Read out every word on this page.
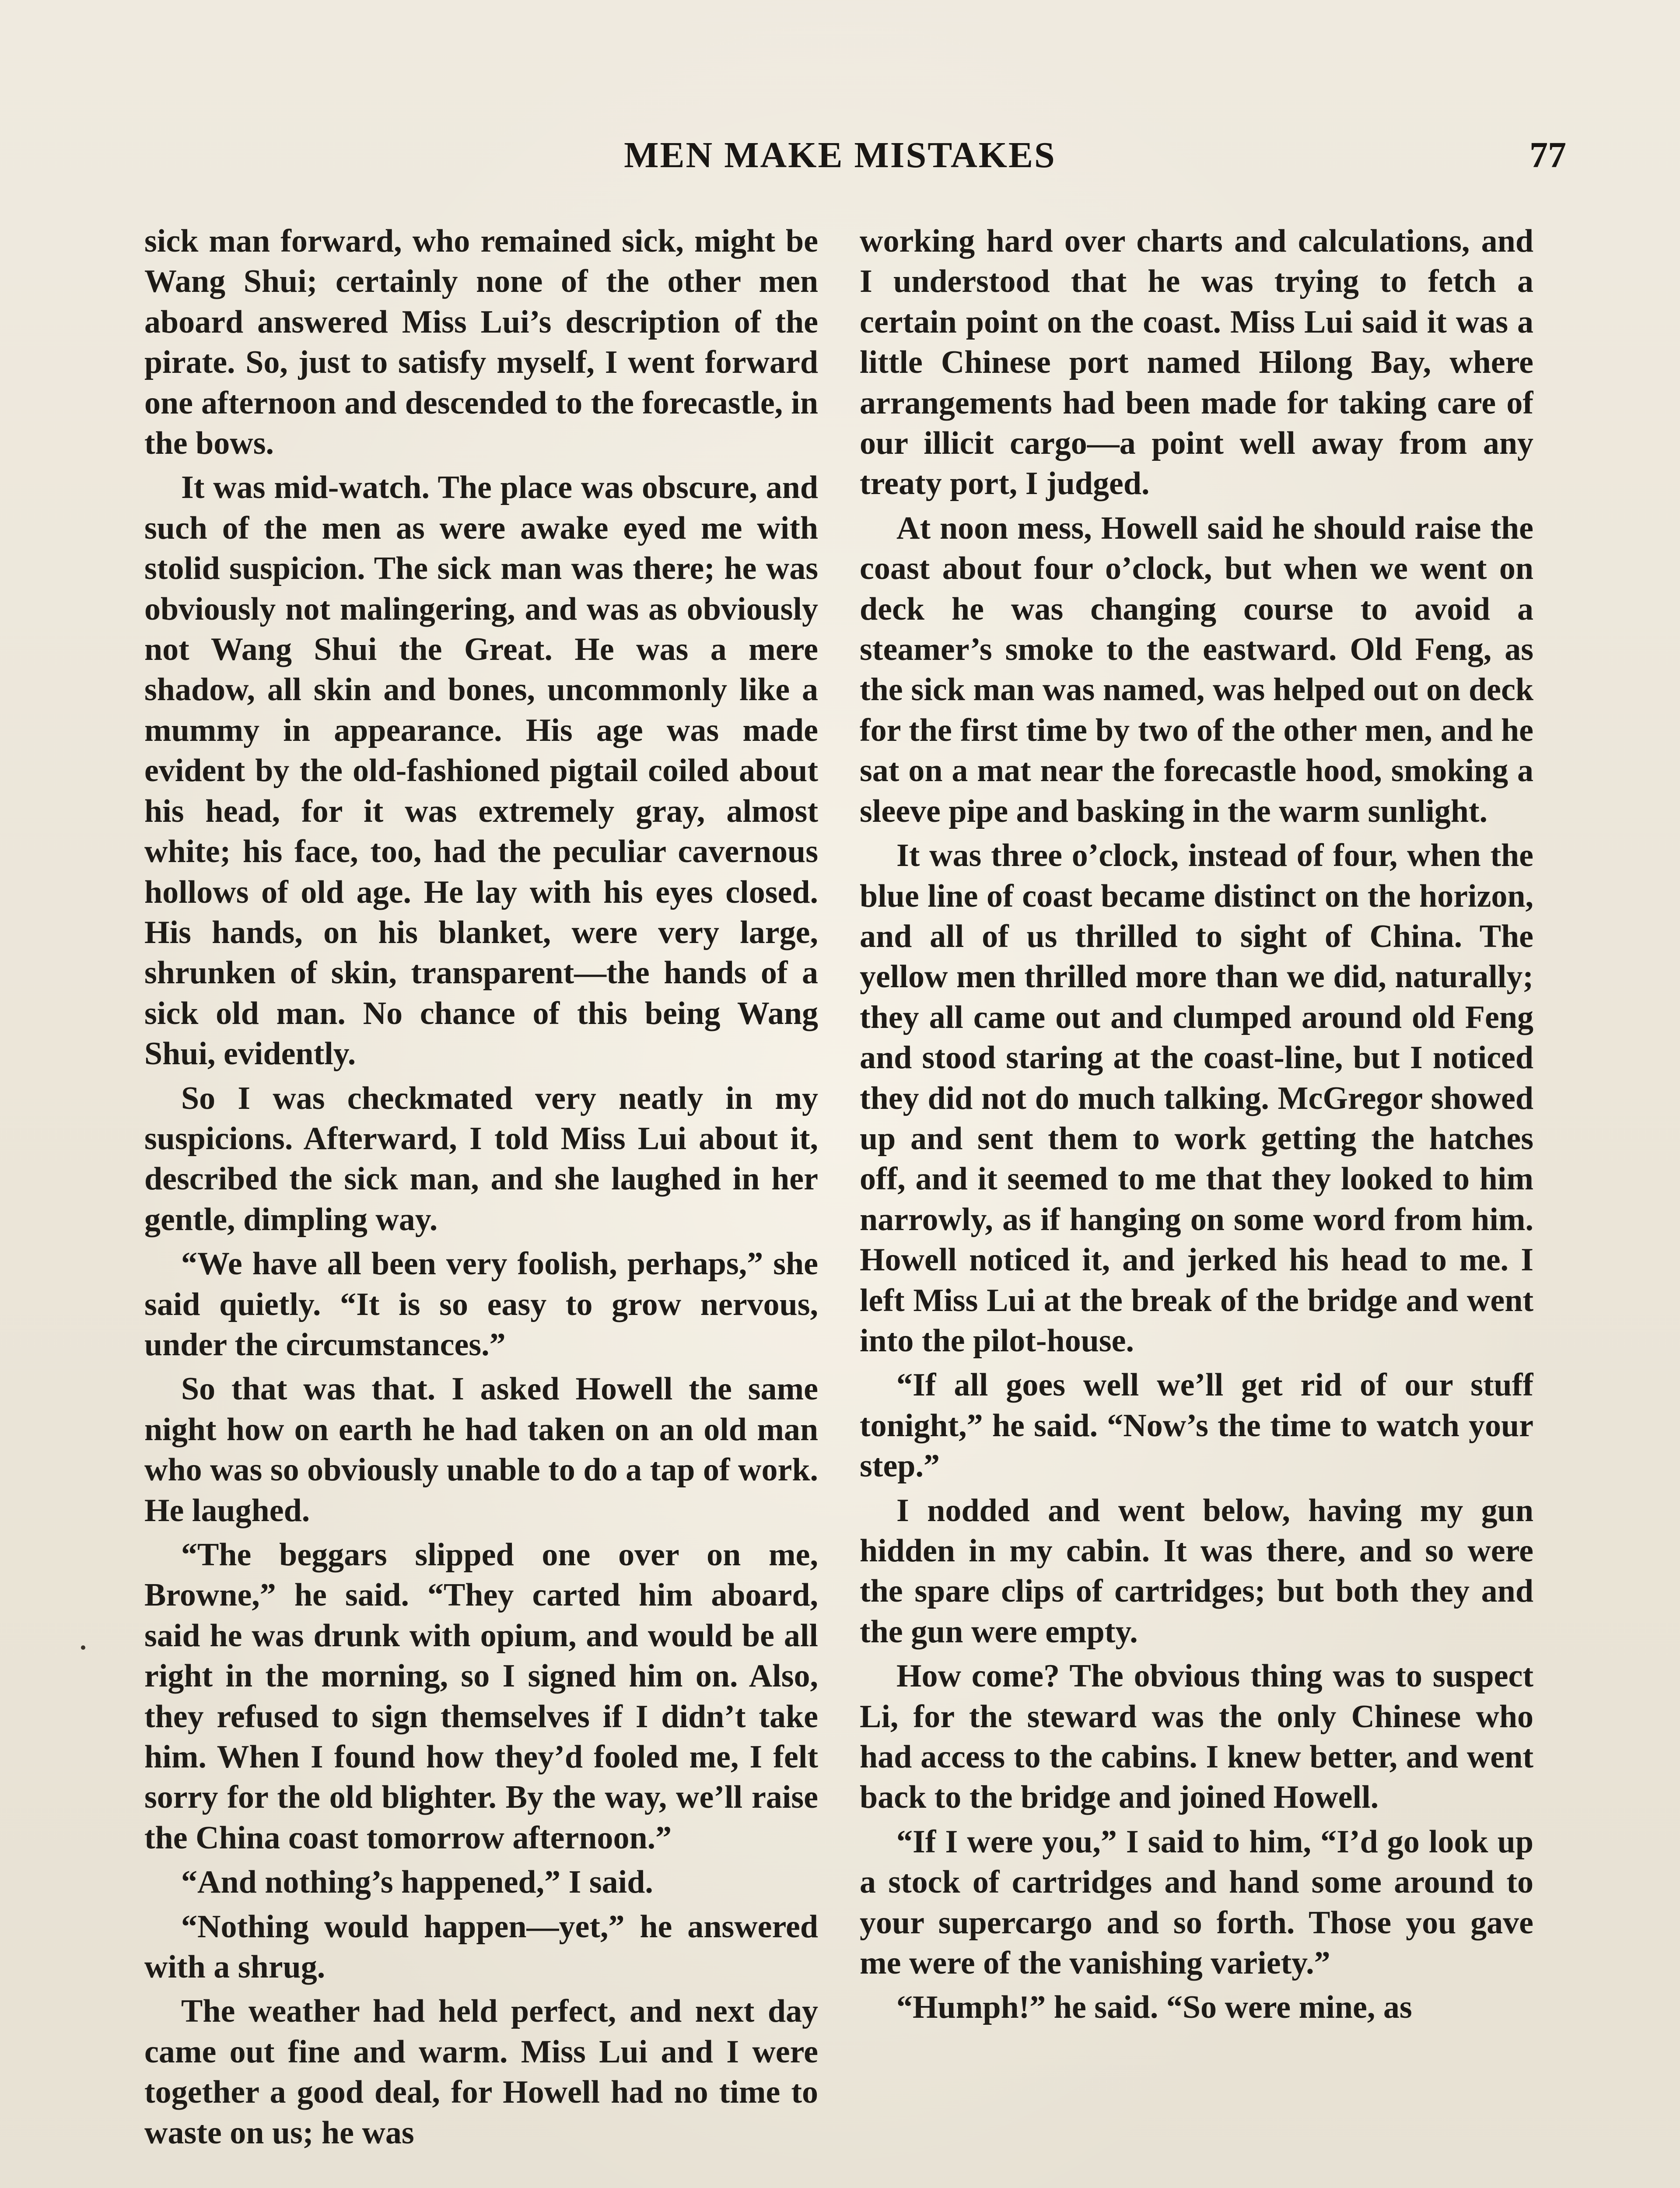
MEN MAKE MISTAKES	77

sick man forward, who remained sick, might be Wang Shui; certainly none of the other men aboard answered Miss Lui’s description of the pirate. So, just to satisfy myself, I went forward one afternoon and descended to the forecastle, in the bows.

It was mid-watch. The place was obscure, and such of the men as were awake eyed me with stolid suspicion. The sick man was there; he was obviously not malingering, and was as obviously not Wang Shui the Great. He was a mere shadow, all skin and bones, uncommonly like a mummy in appearance. His age was made evident by the old-fashioned pigtail coiled about his head, for it was extremely gray, almost white; his face, too, had the peculiar cavernous hollows of old age. He lay with his eyes closed. His hands, on his blanket, were very large, shrunken of skin, transparent—the hands of a sick old man. No chance of this being Wang Shui, evidently.

So I was checkmated very neatly in my suspicions. Afterward, I told Miss Lui about it, described the sick man, and she laughed in her gentle, dimpling way.

“We have all been very foolish, perhaps,” she said quietly. “It is so easy to grow nervous, under the circumstances.”

So that was that. I asked Howell the same night how on earth he had taken on an old man who was so obviously unable to do a tap of work. He laughed.

“The beggars slipped one over on me, Browne,” he said. “They carted him aboard, said he was drunk with opium, and would be all right in the morning, so I signed him on. Also, they refused to sign themselves if I didn’t take him. When I found how they’d fooled me, I felt sorry for the old blighter. By the way, we’ll raise the China coast tomorrow afternoon.”

“And nothing’s happened,” I said.

“Nothing would happen—yet,” he answered with a shrug.

The weather had held perfect, and next day came out fine and warm. Miss Lui and I were together a good deal, for Howell had no time to waste on us; he was

working hard over charts and calculations, and I understood that he was trying to fetch a certain point on the coast. Miss Lui said it was a little Chinese port named Hilong Bay, where arrangements had been made for taking care of our illicit cargo—a point well away from any treaty port, I judged.

At noon mess, Howell said he should raise the coast about four o’clock, but when we went on deck he was changing course to avoid a steamer’s smoke to the eastward. Old Feng, as the sick man was named, was helped out on deck for the first time by two of the other men, and he sat on a mat near the forecastle hood, smoking a sleeve pipe and basking in the warm sunlight.

It was three o’clock, instead of four, when the blue line of coast became distinct on the horizon, and all of us thrilled to sight of China. The yellow men thrilled more than we did, naturally; they all came out and clumped around old Feng and stood staring at the coast-line, but I noticed they did not do much talking. McGregor showed up and sent them to work getting the hatches off, and it seemed to me that they looked to him narrowly, as if hanging on some word from him. Howell noticed it, and jerked his head to me. I left Miss Lui at the break of the bridge and went into the pilot-house.

“If all goes well we’ll get rid of our stuff tonight,” he said. “Now’s the time to watch your step.”

I nodded and went below, having my gun hidden in my cabin. It was there, and so were the spare clips of cartridges; but both they and the gun were empty.

How come? The obvious thing was to suspect Li, for the steward was the only Chinese who had access to the cabins. I knew better, and went back to the bridge and joined Howell.

“If I were you,” I said to him, “I’d go look up a stock of cartridges and hand some around to your supercargo and so forth. Those you gave me were of the vanishing variety.”

“Humph!” he said. “So were mine, as
